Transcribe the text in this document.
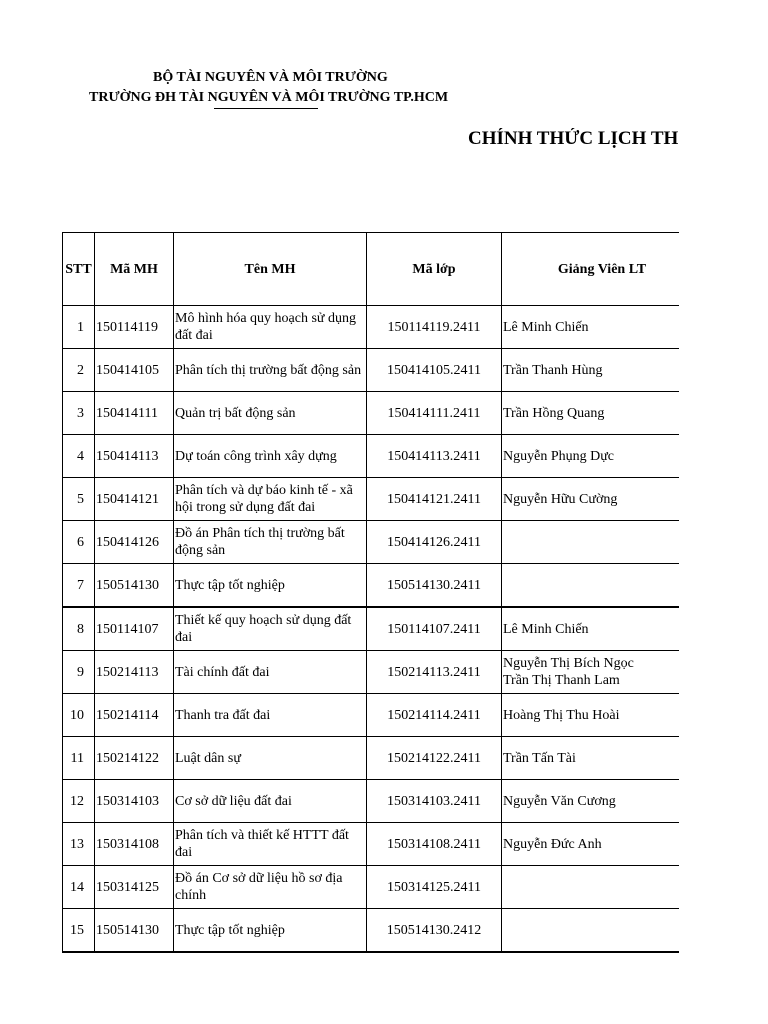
BỘ TÀI NGUYÊN VÀ MÔI TRƯỜNG
TRƯỜNG ĐH TÀI NGUYÊN VÀ MÔI TRƯỜNG TP.HCM
CHÍNH THỨC LỊCH TH
STT	Mã MH	Tên MH	Mã lớp	Giảng Viên LT
1	150114119	Mô hình hóa quy hoạch sử dụng đất đai	150114119.2411	Lê Minh Chiến

2	150414105	Phân tích thị trường bất động sản	150414105.2411	Trần Thanh Hùng

3	150414111	Quản trị bất động sản	150414111.2411	Trần Hồng Quang

4	150414113	Dự toán công trình xây dựng	150414113.2411	Nguyễn Phụng Dực

5	150414121	Phân tích và dự báo kinh tế - xã hội trong sử dụng đất đai	150414121.2411	Nguyễn Hữu Cường

6	150414126	Đồ án Phân tích thị trường bất động sản	150414126.2411	
7	150514130	Thực tập tốt nghiệp	150514130.2411	
8	150114107	Thiết kế quy hoạch sử dụng đất đai	150114107.2411	Lê Minh Chiến

9	150214113	Tài chính đất đai	150214113.2411	Nguyễn Thị Bích Ngọc
Trần Thị Thanh Lam

10	150214114	Thanh tra đất đai	150214114.2411	Hoàng Thị Thu Hoài

11	150214122	Luật dân sự	150214122.2411	Trần Tấn Tài

12	150314103	Cơ sở dữ liệu đất đai	150314103.2411	Nguyễn Văn Cương

13	150314108	Phân tích và thiết kế HTTT đất đai	150314108.2411	Nguyễn Đức Anh

14	150314125	Đồ án Cơ sở dữ liệu hồ sơ địa chính	150314125.2411	
15	150514130	Thực tập tốt nghiệp	150514130.2412	
